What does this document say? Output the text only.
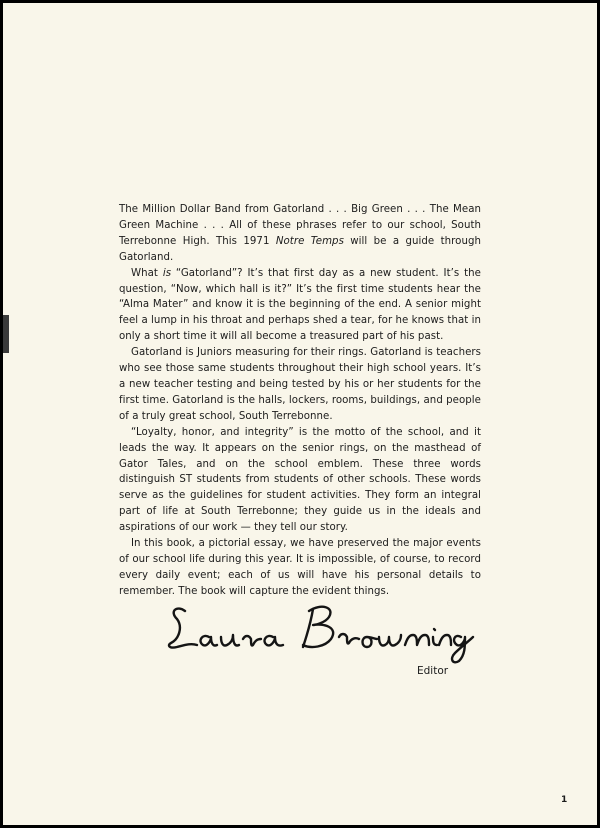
The Million Dollar Band from Gatorland . . . Big Green . . . The Mean Green Machine . . . All of these phrases refer to our school, South Terrebonne High. This 1971 Notre Temps will be a guide through Gatorland.

What is “Gatorland”? It’s that first day as a new student. It’s the question, “Now, which hall is it?” It’s the first time students hear the “Alma Mater” and know it is the beginning of the end. A senior might feel a lump in his throat and perhaps shed a tear, for he knows that in only a short time it will all become a treasured part of his past.

Gatorland is Juniors measuring for their rings. Gatorland is teachers who see those same students throughout their high school years. It’s a new teacher testing and being tested by his or her students for the first time. Gatorland is the halls, lockers, rooms, buildings, and people of a truly great school, South Terrebonne.

“Loyalty, honor, and integrity” is the motto of the school, and it leads the way. It appears on the senior rings, on the masthead of Gator Tales, and on the school emblem. These three words distinguish ST students from students of other schools. These words serve as the guidelines for student activities. They form an integral part of life at South Terrebonne; they guide us in the ideals and aspirations of our work — they tell our story.

In this book, a pictorial essay, we have preserved the major events of our school life during this year. It is impossible, of course, to record every daily event; each of us will have his personal details to remember. The book will capture the evident things.

Editor
1
